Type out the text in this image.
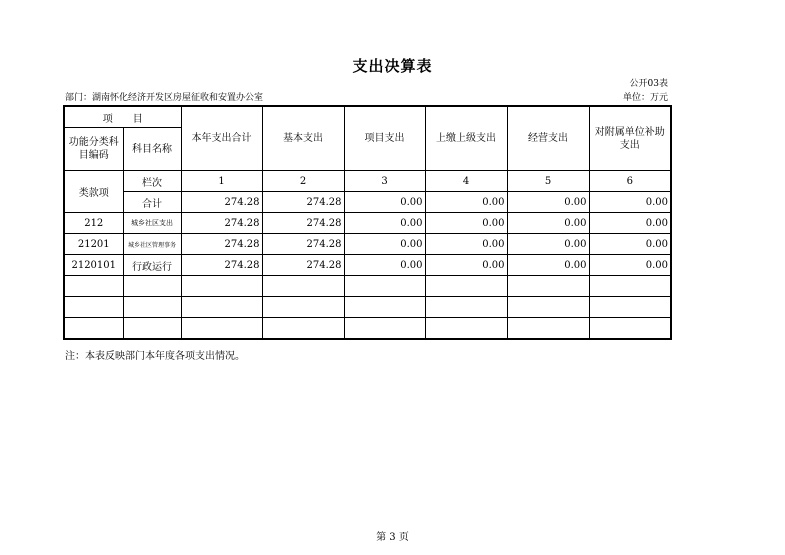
支出决算表
公开03表
部门：湖南怀化经济开发区房屋征收和安置办公室	单位：万元
项　　目		本年支出合计	基本支出	项目支出	上缴上级支出	经营支出	对附属单位补助支出
功能分类科目编码	科目名称						
类款项	栏次	1	2	3	4	5	6
	合计	274.28	274.28	0.00	0.00	0.00	0.00
212	城乡社区支出	274.28	274.28	0.00	0.00	0.00	0.00
21201	城乡社区管理事务	274.28	274.28	0.00	0.00	0.00	0.00
2120101	行政运行	274.28	274.28	0.00	0.00	0.00	0.00

注：本表反映部门本年度各项支出情况。
第 3 页
